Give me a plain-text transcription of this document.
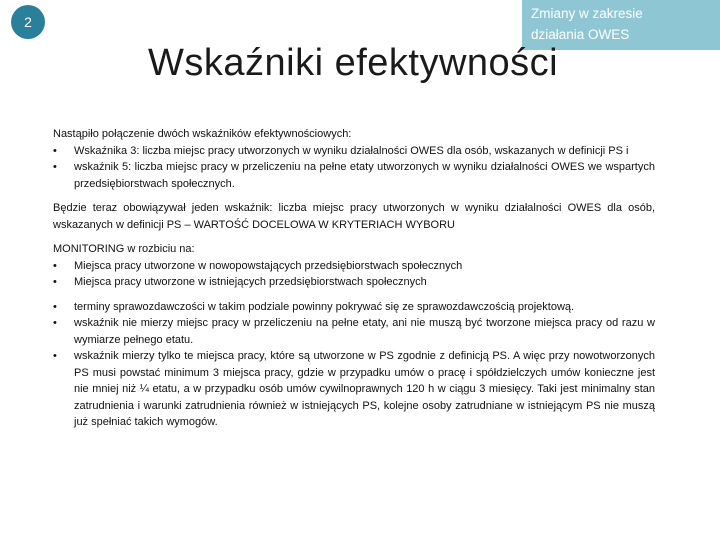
2
Zmiany w zakresie
działania OWES
Wskaźniki efektywności

Nastąpiło połączenie dwóch wskaźników efektywnościowych:

•	Wskaźnika 3: liczba miejsc pracy utworzonych w wyniku działalności OWES dla osób, wskazanych w definicji PS i
•	wskaźnik 5: liczba miejsc pracy w przeliczeniu na pełne etaty utworzonych w wyniku działalności OWES we wspartych przedsiębiorstwach społecznych.

Będzie teraz obowiązywał jeden wskaźnik: liczba miejsc pracy utworzonych w wyniku działalności OWES dla osób, wskazanych w definicji PS – WARTOŚĆ DOCELOWA W KRYTERIACH WYBORU

MONITORING w rozbiciu na:

•	Miejsca pracy utworzone w nowopowstających przedsiębiorstwach społecznych
•	Miejsca pracy utworzone w istniejących przedsiębiorstwach społecznych
•	terminy sprawozdawczości w takim podziale powinny pokrywać się ze sprawozdawczością projektową.
•	wskaźnik nie mierzy miejsc pracy w przeliczeniu na pełne etaty, ani nie muszą być tworzone miejsca pracy od razu w wymiarze pełnego etatu.
•	wskaźnik mierzy tylko te miejsca pracy, które są utworzone w PS zgodnie z definicją PS. A więc przy nowotworzonych PS musi powstać minimum 3 miejsca pracy, gdzie w przypadku umów o pracę i spółdzielczych umów konieczne jest nie mniej niż ¼ etatu, a w przypadku osób umów cywilnoprawnych 120 h w ciągu 3 miesięcy. Taki jest minimalny stan zatrudnienia i warunki zatrudnienia również w istniejących PS, kolejne osoby zatrudniane w istniejącym PS nie muszą już spełniać takich wymogów.
